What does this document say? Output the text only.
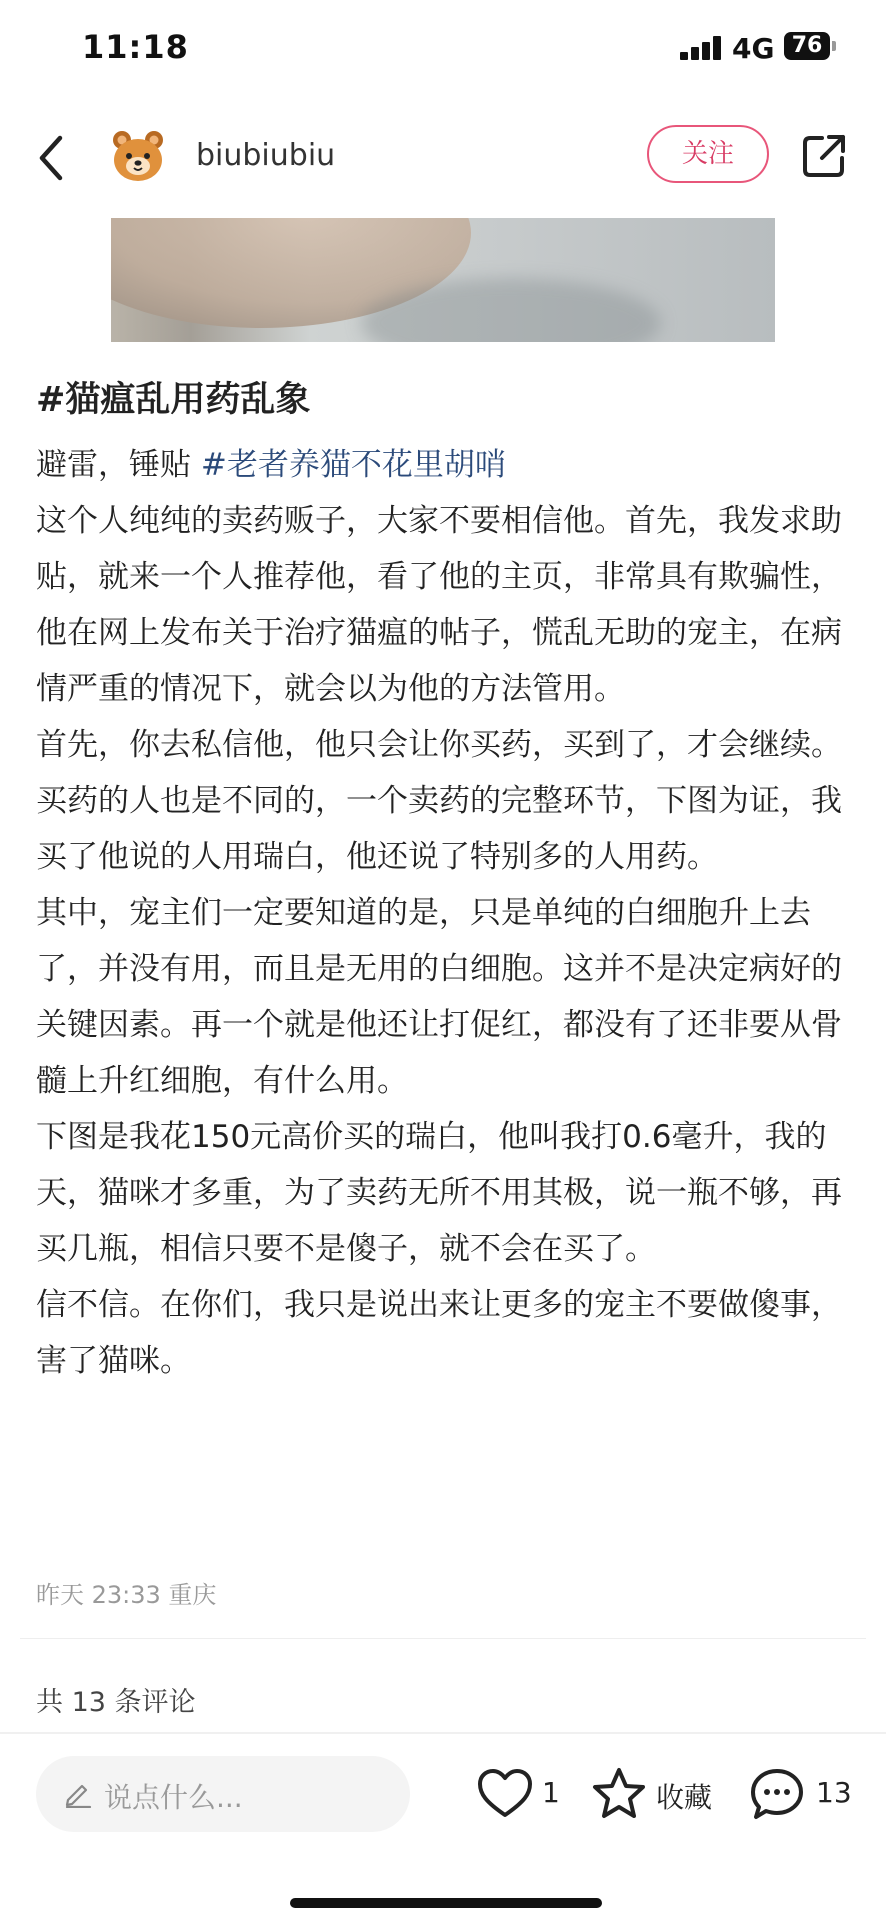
11:18	4G 76
biubiubiu	关注
#猫瘟乱用药乱象

避雷，锤贴 #老者养猫不花里胡哨

这个人纯纯的卖药贩子，大家不要相信他。首先，我发求助贴，就来一个人推荐他，看了他的主页，非常具有欺骗性，他在网上发布关于治疗猫瘟的帖子，慌乱无助的宠主，在病情严重的情况下，就会以为他的方法管用。

首先，你去私信他，他只会让你买药，买到了，才会继续。买药的人也是不同的，一个卖药的完整环节，下图为证，我买了他说的人用瑞白，他还说了特别多的人用药。

其中，宠主们一定要知道的是，只是单纯的白细胞升上去了，并没有用，而且是无用的白细胞。这并不是决定病好的关键因素。再一个就是他还让打促红，都没有了还非要从骨髓上升红细胞，有什么用。

下图是我花150元高价买的瑞白，他叫我打0.6毫升，我的天，猫咪才多重，为了卖药无所不用其极，说一瓶不够，再买几瓶，相信只要不是傻子，就不会在买了。

信不信。在你们，我只是说出来让更多的宠主不要做傻事，害了猫咪。

昨天 23:33 重庆
共 13 条评论
说点什么...	1	收藏	13
